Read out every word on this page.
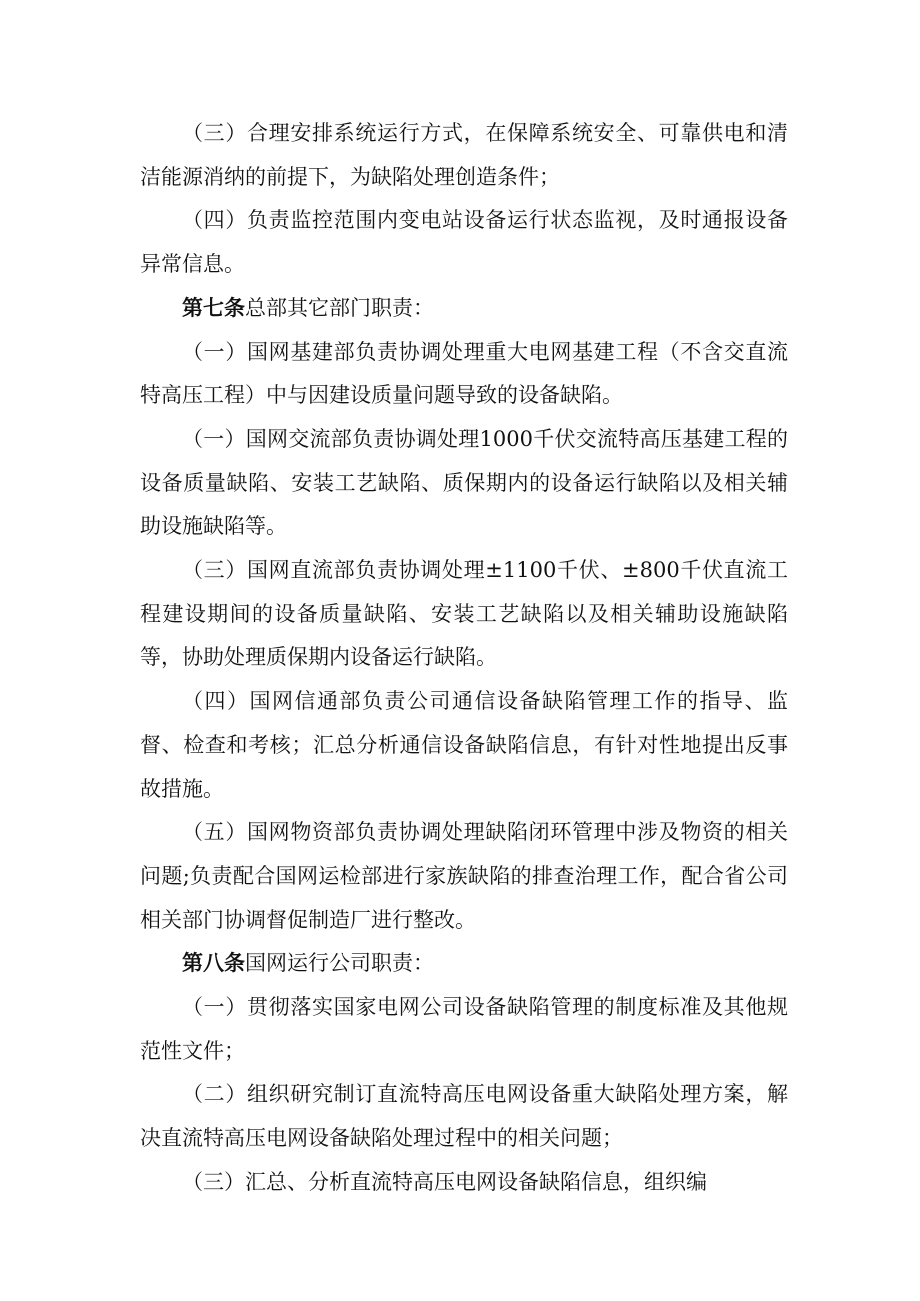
（三）合理安排系统运行方式，在保障系统安全、可靠供电和清洁能源消纳的前提下，为缺陷处理创造条件；

（四）负责监控范围内变电站设备运行状态监视，及时通报设备异常信息。

第七条总部其它部门职责：

（一）国网基建部负责协调处理重大电网基建工程（不含交直流特高压工程）中与因建设质量问题导致的设备缺陷。

（一）国网交流部负责协调处理1000千伏交流特高压基建工程的设备质量缺陷、安装工艺缺陷、质保期内的设备运行缺陷以及相关辅助设施缺陷等。

（三）国网直流部负责协调处理±1100千伏、±800千伏直流工程建设期间的设备质量缺陷、安装工艺缺陷以及相关辅助设施缺陷等，协助处理质保期内设备运行缺陷。

（四）国网信通部负责公司通信设备缺陷管理工作的指导、监督、检查和考核；汇总分析通信设备缺陷信息，有针对性地提出反事故措施。

（五）国网物资部负责协调处理缺陷闭环管理中涉及物资的相关问题;负责配合国网运检部进行家族缺陷的排查治理工作，配合省公司相关部门协调督促制造厂进行整改。

第八条国网运行公司职责：

（一）贯彻落实国家电网公司设备缺陷管理的制度标准及其他规范性文件；

（二）组织研究制订直流特高压电网设备重大缺陷处理方案，解决直流特高压电网设备缺陷处理过程中的相关问题；

（三）汇总、分析直流特高压电网设备缺陷信息，组织编
